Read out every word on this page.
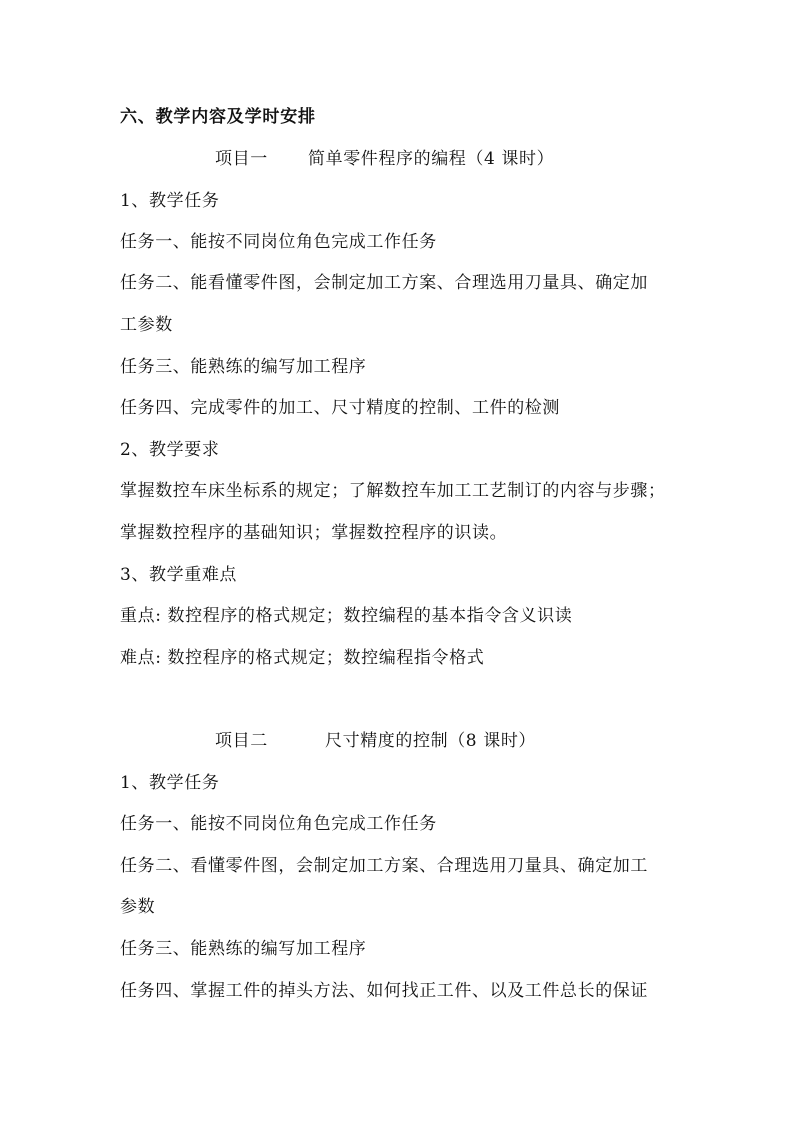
六、教学内容及学时安排
项目一 简单零件程序的编程（4 课时）
1、教学任务
任务一、能按不同岗位角色完成工作任务
任务二、能看懂零件图，会制定加工方案、合理选用刀量具、确定加
工参数
任务三、能熟练的编写加工程序
任务四、完成零件的加工、尺寸精度的控制、工件的检测
2、教学要求
掌握数控车床坐标系的规定；了解数控车加工工艺制订的内容与步骤；
掌握数控程序的基础知识；掌握数控程序的识读。
3、教学重难点
重点: 数控程序的格式规定；数控编程的基本指令含义识读
难点: 数控程序的格式规定；数控编程指令格式
项目二	尺寸精度的控制（8 课时）
1、教学任务
任务一、能按不同岗位角色完成工作任务
任务二、看懂零件图，会制定加工方案、合理选用刀量具、确定加工
参数
任务三、能熟练的编写加工程序
任务四、掌握工件的掉头方法、如何找正工件、以及工件总长的保证
